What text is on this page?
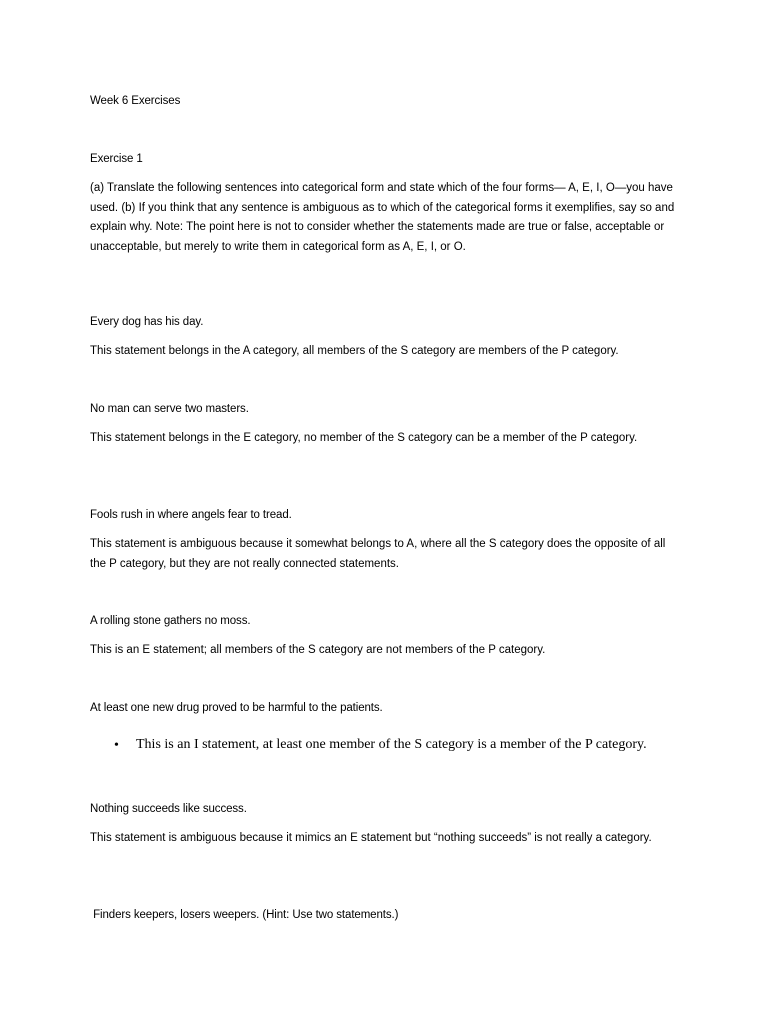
Week 6 Exercises
Exercise 1
(a) Translate the following sentences into categorical form and state which of the four forms— A, E, I, O—you have used. (b) If you think that any sentence is ambiguous as to which of the categorical forms it exemplifies, say so and explain why. Note: The point here is not to consider whether the statements made are true or false, acceptable or unacceptable, but merely to write them in categorical form as A, E, I, or O.
Every dog has his day.
This statement belongs in the A category, all members of the S category are members of the P category.
No man can serve two masters.
This statement belongs in the E category, no member of the S category can be a member of the P category.
Fools rush in where angels fear to tread.
This statement is ambiguous because it somewhat belongs to A, where all the S category does the opposite of all the P category, but they are not really connected statements.
A rolling stone gathers no moss.
This is an E statement; all members of the S category are not members of the P category.
At least one new drug proved to be harmful to the patients.
• This is an I statement, at least one member of the S category is a member of the P category.
Nothing succeeds like success.
This statement is ambiguous because it mimics an E statement but “nothing succeeds” is not really a category.
Finders keepers, losers weepers. (Hint: Use two statements.)
